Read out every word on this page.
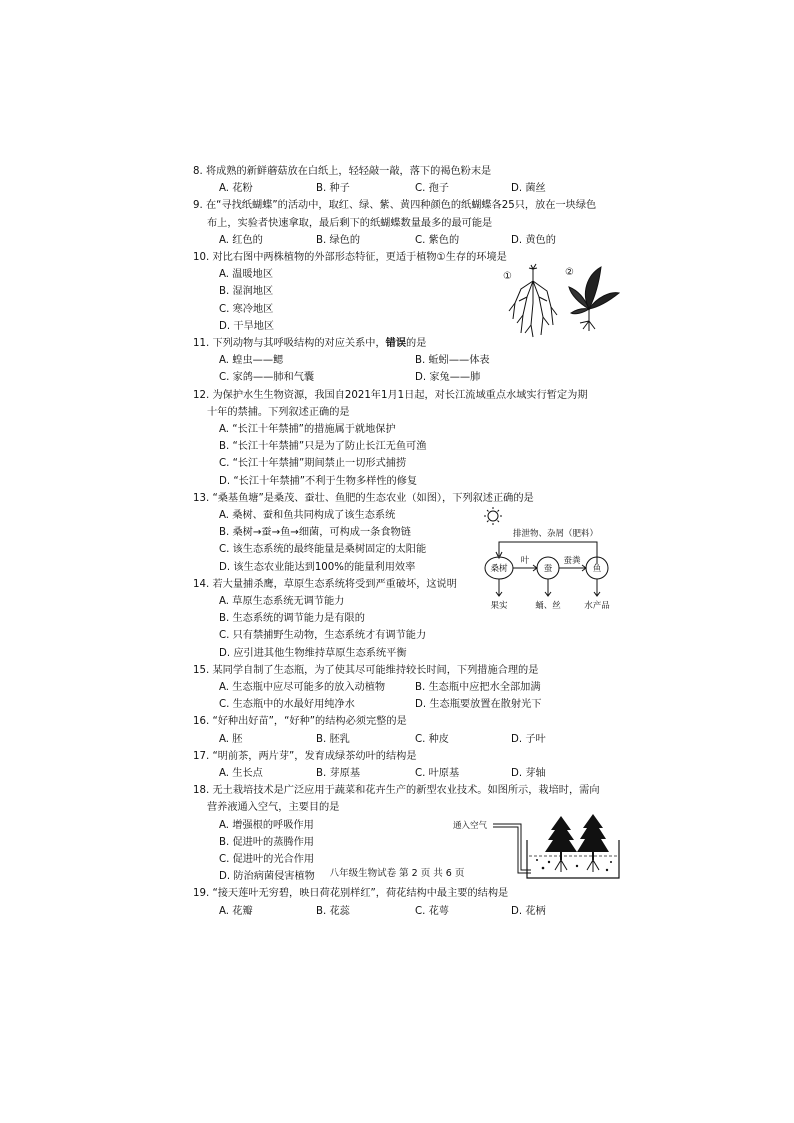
8. 将成熟的新鲜蘑菇放在白纸上，轻轻敲一敲，落下的褐色粉末是
A. 花粉	B. 种子	C. 孢子	D. 菌丝
9. 在“寻找纸蝴蝶”的活动中，取红、绿、紫、黄四种颜色的纸蝴蝶各25只，放在一块绿色
布上，实验者快速拿取，最后剩下的纸蝴蝶数量最多的最可能是
A. 红色的	B. 绿色的	C. 紫色的	D. 黄色的
10. 对比右图中两株植物的外部形态特征，更适于植物①生存的环境是
A. 温暖地区
B. 湿润地区
C. 寒冷地区
D. 干旱地区
①	②
11. 下列动物与其呼吸结构的对应关系中，错误的是
A. 蝗虫——鳃	B. 蚯蚓——体表
C. 家鸽——肺和气囊	D. 家兔——肺
12. 为保护水生生物资源，我国自2021年1月1日起，对长江流域重点水域实行暂定为期
十年的禁捕。下列叙述正确的是
A. “长江十年禁捕”的措施属于就地保护
B. “长江十年禁捕”只是为了防止长江无鱼可渔
C. “长江十年禁捕”期间禁止一切形式捕捞
D. “长江十年禁捕”不利于生物多样性的修复
13. “桑基鱼塘”是桑茂、蚕壮、鱼肥的生态农业（如图），下列叙述正确的是
A. 桑树、蚕和鱼共同构成了该生态系统
B. 桑树→蚕→鱼→细菌，可构成一条食物链
C. 该生态系统的最终能量是桑树固定的太阳能
D. 该生态农业能达到100%的能量利用效率
排泄物、杂屑（肥料）
桑树	蚕	鱼
叶	蚕粪
果实	蛹、丝	水产品
14. 若大量捕杀鹰，草原生态系统将受到严重破坏，这说明
A. 草原生态系统无调节能力
B. 生态系统的调节能力是有限的
C. 只有禁捕野生动物，生态系统才有调节能力
D. 应引进其他生物维持草原生态系统平衡
15. 某同学自制了生态瓶，为了使其尽可能维持较长时间，下列措施合理的是
A. 生态瓶中应尽可能多的放入动植物	B. 生态瓶中应把水全部加满
C. 生态瓶中的水最好用纯净水	D. 生态瓶要放置在散射光下
16. “好种出好苗”，“好种”的结构必须完整的是
A. 胚	B. 胚乳	C. 种皮	D. 子叶
17. “明前茶，两片芽”，发育成绿茶幼叶的结构是
A. 生长点	B. 芽原基	C. 叶原基	D. 芽轴
18. 无土栽培技术是广泛应用于蔬菜和花卉生产的新型农业技术。如图所示，栽培时，需向
营养液通入空气，主要目的是
A. 增强根的呼吸作用
B. 促进叶的蒸腾作用
C. 促进叶的光合作用
D. 防治病菌侵害植物
通入空气
19. “接天莲叶无穷碧，映日荷花别样红”，荷花结构中最主要的结构是
A. 花瓣	B. 花蕊	C. 花萼	D. 花柄
八年级生物试卷 第 2 页 共 6 页
